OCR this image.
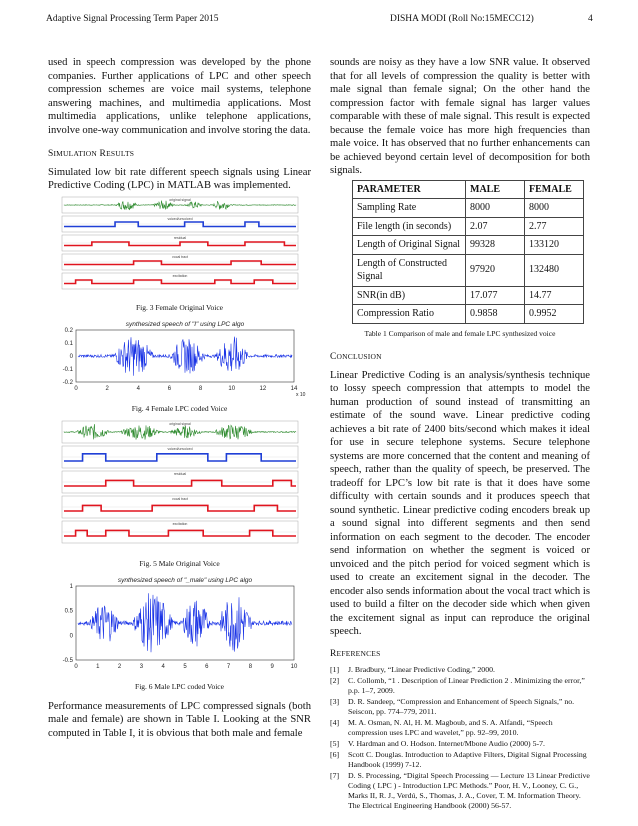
Adaptive Signal Processing Term Paper 2015	DISHA MODI (Roll No:15MECC12)	4

used in speech compression was developed by the phone companies. Further applications of LPC and other speech compression schemes are voice mail systems, telephone answering machines, and multimedia applications. Most multimedia applications, unlike telephone applications, involve one-way communication and involve storing the data.

SIMULATION RESULTS

Simulated low bit rate different speech signals using Linear Predictive Coding (LPC) in MATLAB was implemented.

original signal
voiced/unvoiced
residual
vocal tract
excitation
Fig. 3 Female Original Voice
synthesized speech of "I" using LPC algo
0.2
0.1
0
-0.1
-0.2
0	2	4	6	8	10	12	14
x 10
Fig. 4 Female LPC coded Voice
original signal
voiced/unvoiced
residual
vocal tract
excitation
Fig. 5 Male Original Voice
synthesized speech of "_male" using LPC algo
1
0.5
0
-0.5
0	1	2	3	4	5	6	7	8	9	10
Fig. 6 Male LPC coded Voice

Performance measurements of LPC compressed signals (both male and female) are shown in Table I. Looking at the SNR computed in Table I, it is obvious that both male and female

sounds are noisy as they have a low SNR value. It observed that for all levels of compression the quality is better with male signal than female signal; On the other hand the compression factor with female signal has larger values comparable with these of male signal. This result is expected because the female voice has more high frequencies than male voice. It has observed that no further enhancements can be achieved beyond certain level of decomposition for both signals.

PARAMETER	MALE	FEMALE
Sampling Rate	8000	8000
File length (in seconds)	2.07	2.77
Length of Original Signal	99328	133120
Length of Constructed Signal	97920	132480
SNR(in dB)	17.077	14.77
Compression Ratio	0.9858	0.9952
Table 1 Comparison of male and female LPC synthesized voice
CONCLUSION

Linear Predictive Coding is an analysis/synthesis technique to lossy speech compression that attempts to model the human production of sound instead of transmitting an estimate of the sound wave. Linear predictive coding achieves a bit rate of 2400 bits/second which makes it ideal for use in secure telephone systems. Secure telephone systems are more concerned that the content and meaning of speech, rather than the quality of speech, be preserved. The tradeoff for LPC’s low bit rate is that it does have some difficulty with certain sounds and it produces speech that sound synthetic. Linear predictive coding encoders break up a sound signal into different segments and then send information on each segment to the decoder. The encoder send information on whether the segment is voiced or unvoiced and the pitch period for voiced segment which is used to create an excitement signal in the decoder. The encoder also sends information about the vocal tract which is used to build a filter on the decoder side which when given the excitement signal as input can reproduce the original speech.

REFERENCES
[1] J. Bradbury, “Linear Predictive Coding,” 2000.
[2] C. Collomb, “1 . Description of Linear Prediction 2 . Minimizing the error,” p.p. 1–7, 2009.
[3] D. R. Sandeep, “Compression and Enhancement of Speech Signals,” no. Seiscon, pp. 774–779, 2011.
[4] M. A. Osman, N. Al, H. M. Magboub, and S. A. Alfandi, “Speech compression uses LPC and wavelet,” pp. 92–99, 2010.
[5] V. Hardman and O. Hodson. Internet/Mbone Audio (2000) 5-7.
[6] Scott C. Douglas. Introduction to Adaptive Filters, Digital Signal Processing Handbook (1999) 7-12.
[7] D. S. Processing, “Digital Speech Processing — Lecture 13 Linear Predictive Coding ( LPC ) - Introduction LPC Methods.” Poor, H. V., Looney, C. G., Marks II, R. J., Verdú, S., Thomas, J. A., Cover, T. M. Information Theory. The Electrical Engineering Handbook (2000) 56-57.
